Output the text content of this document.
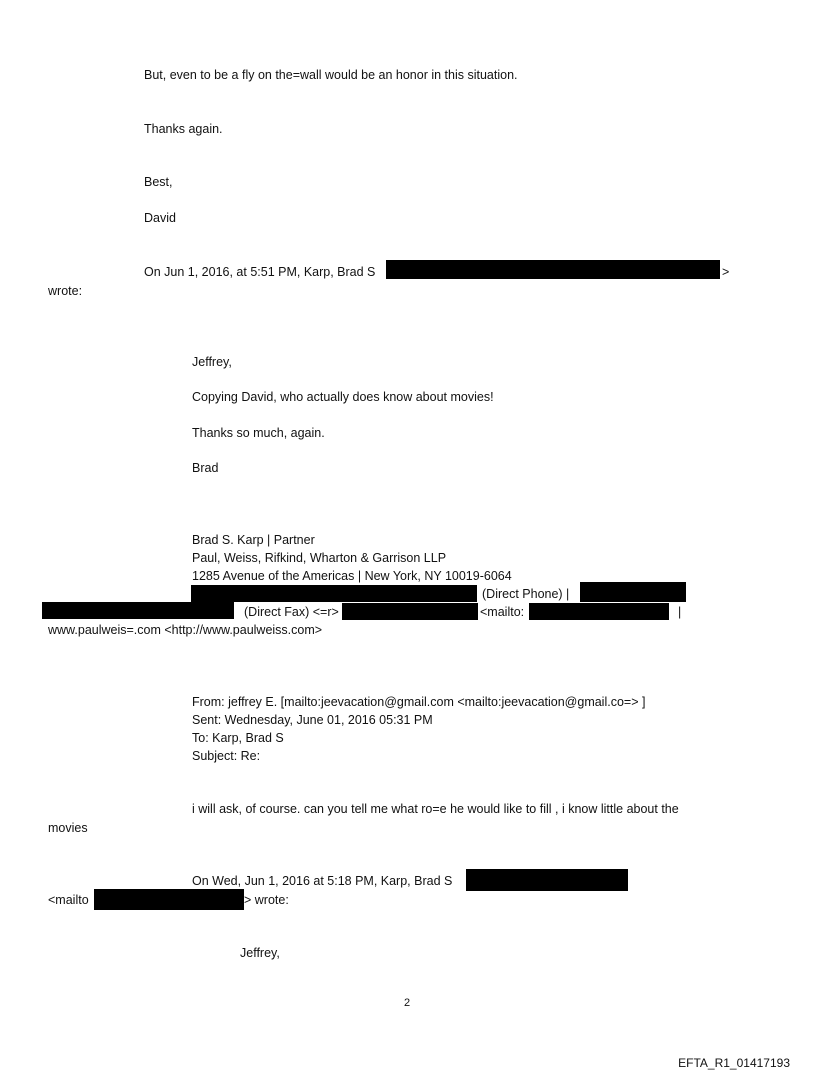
But, even to be a fly on the=wall would be an honor in this situation.
Thanks again.
Best,
David
On Jun 1, 2016, at 5:51 PM, Karp, Brad S	>
wrote:
Jeffrey,
Copying David, who actually does know about movies!
Thanks so much, again.
Brad
Brad S. Karp | Partner
Paul, Weiss, Rifkind, Wharton & Garrison LLP
1285 Avenue of the Americas | New York, NY 10019-6064
(Direct Phone) |
(Direct Fax) <=r>	<mailto:	|
www.paulweis=.com <http://www.paulweiss.com>
From: jeffrey E. [mailto:jeevacation@gmail.com <mailto:jeevacation@gmail.co=> ]
Sent: Wednesday, June 01, 2016 05:31 PM
To: Karp, Brad S
Subject: Re:
i will ask, of course. can you tell me what ro=e he would like to fill , i know little about the
movies
On Wed, Jun 1, 2016 at 5:18 PM, Karp, Brad S
<mailto	> wrote:
Jeffrey,
2
EFTA_R1_01417193
